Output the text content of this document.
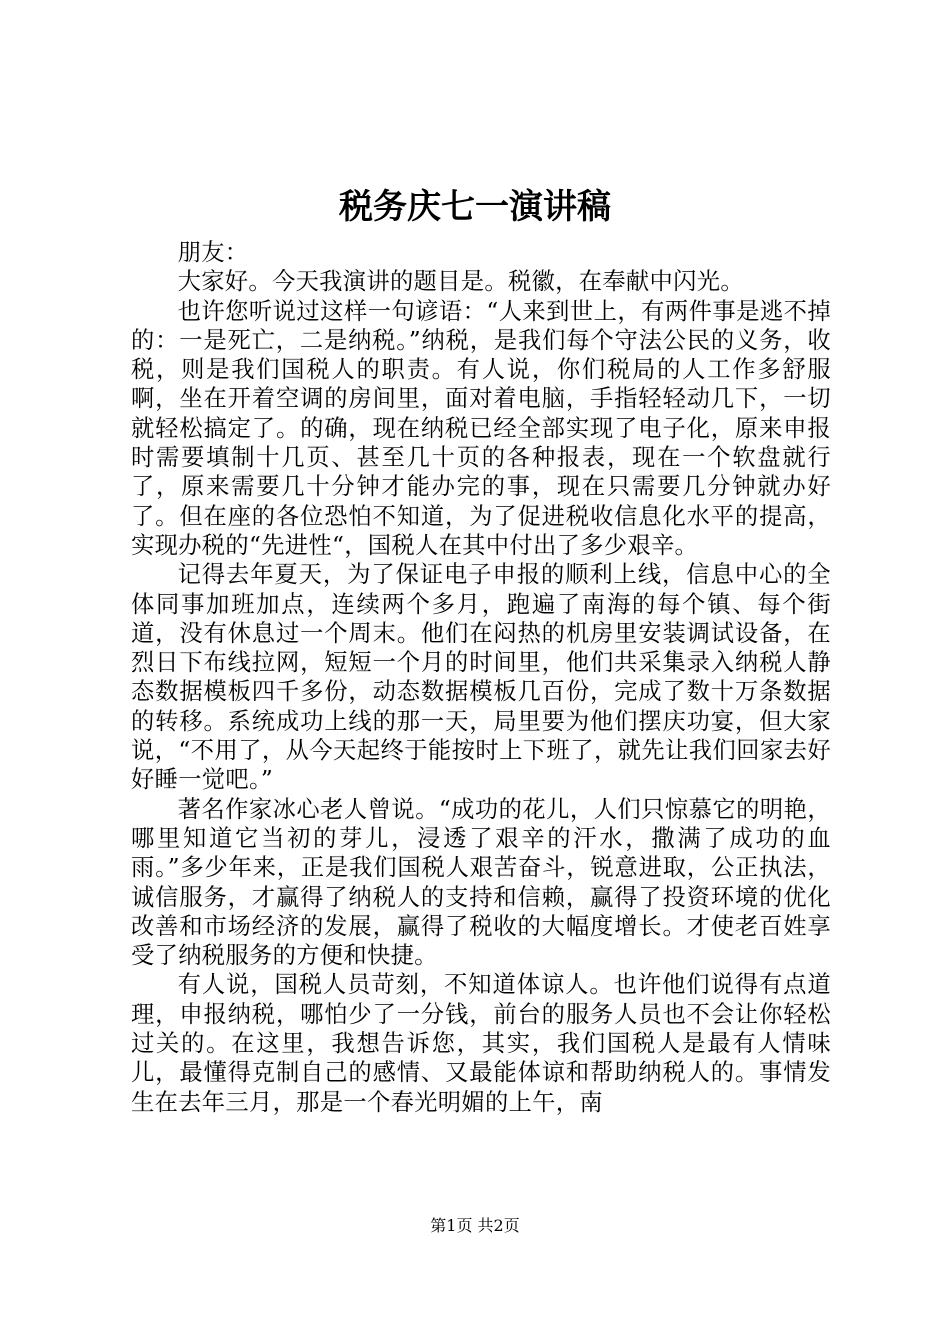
税务庆七一演讲稿

朋友：

大家好。今天我演讲的题目是。税徽，在奉献中闪光。

也许您听说过这样一句谚语：“人来到世上，有两件事是逃不掉的：一是死亡，二是纳税。”纳税，是我们每个守法公民的义务，收税，则是我们国税人的职责。有人说，你们税局的人工作多舒服啊，坐在开着空调的房间里，面对着电脑，手指轻轻动几下，一切就轻松搞定了。的确，现在纳税已经全部实现了电子化，原来申报时需要填制十几页、甚至几十页的各种报表，现在一个软盘就行了，原来需要几十分钟才能办完的事，现在只需要几分钟就办好了。但在座的各位恐怕不知道，为了促进税收信息化水平的提高，实现办税的“先进性“，国税人在其中付出了多少艰辛。

记得去年夏天，为了保证电子申报的顺利上线，信息中心的全体同事加班加点，连续两个多月，跑遍了南海的每个镇、每个街道，没有休息过一个周末。他们在闷热的机房里安装调试设备，在烈日下布线拉网，短短一个月的时间里，他们共采集录入纳税人静态数据模板四千多份，动态数据模板几百份，完成了数十万条数据的转移。系统成功上线的那一天，局里要为他们摆庆功宴，但大家说，“不用了，从今天起终于能按时上下班了，就先让我们回家去好好睡一觉吧。”

著名作家冰心老人曾说。“成功的花儿，人们只惊慕它的明艳，哪里知道它当初的芽儿，浸透了艰辛的汗水，撒满了成功的血雨。”多少年来，正是我们国税人艰苦奋斗，锐意进取，公正执法，诚信服务，才赢得了纳税人的支持和信赖，赢得了投资环境的优化改善和市场经济的发展，赢得了税收的大幅度增长。才使老百姓享受了纳税服务的方便和快捷。

有人说，国税人员苛刻，不知道体谅人。也许他们说得有点道理，申报纳税，哪怕少了一分钱，前台的服务人员也不会让你轻松过关的。在这里，我想告诉您，其实，我们国税人是最有人情味儿，最懂得克制自己的感情、又最能体谅和帮助纳税人的。事情发生在去年三月，那是一个春光明媚的上午，南

第1页 共2页
